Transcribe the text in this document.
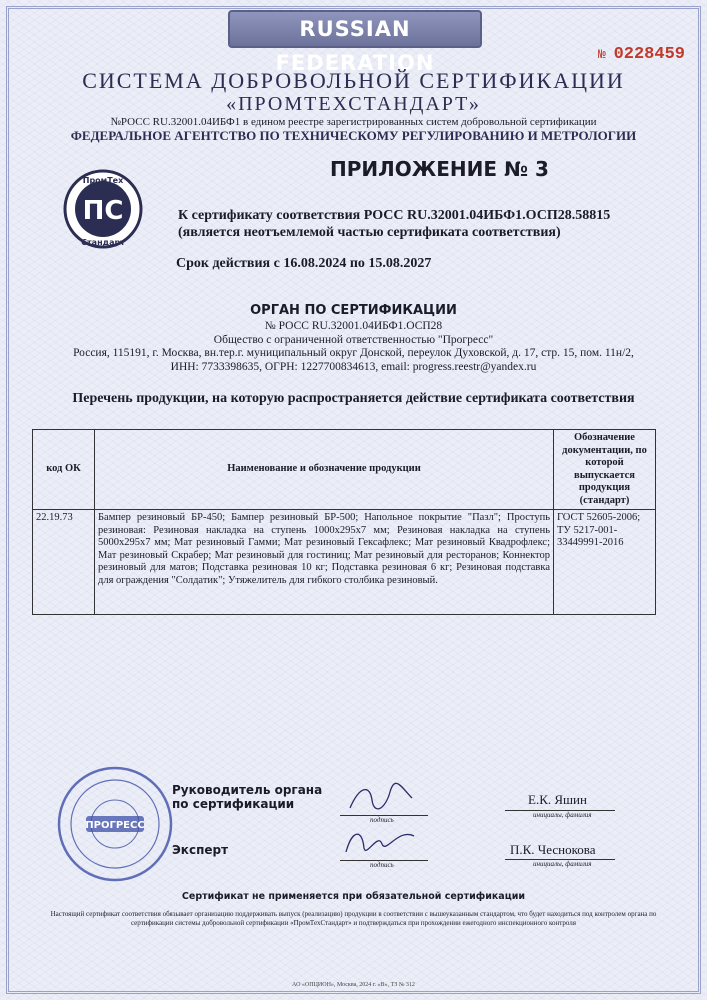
RUSSIAN FEDERATION	№ 0228459
СИСТЕМА ДОБРОВОЛЬНОЙ СЕРТИФИКАЦИИ
«ПРОМТЕХСТАНДАРТ»
№РОСС RU.32001.04ИБФ1 в едином реестре зарегистрированных систем добровольной сертификации
ФЕДЕРАЛЬНОЕ АГЕНТСТВО ПО ТЕХНИЧЕСКОМУ РЕГУЛИРОВАНИЮ И МЕТРОЛОГИИ
ПромТех
ПС
Стандарт
ПРИЛОЖЕНИЕ № 3
К сертификату соответствия РОСС RU.32001.04ИБФ1.ОСП28.58815
(является неотъемлемой частью сертификата соответствия)
Срок действия с 16.08.2024 по 15.08.2027
ОРГАН ПО СЕРТИФИКАЦИИ
№ РОСС RU.32001.04ИБФ1.ОСП28
Общество с ограниченной ответственностью "Прогресс"
Россия, 115191, г. Москва, вн.тер.г. муниципальный округ Донской, переулок Духовской, д. 17, стр. 15, пом. 11н/2,
ИНН: 7733398635, ОГРН: 1227700834613, email: progress.reestr@yandex.ru
Перечень продукции, на которую распространяется действие сертификата соответствия
код ОК	Наименование и обозначение продукции	Обозначение документации, по которой выпускается продукция (стандарт)
22.19.73	Бампер резиновый БР-450; Бампер резиновый БР-500; Напольное покрытие "Пазл"; Проступь резиновая: Резиновая накладка на ступень 1000х295х7 мм; Резиновая накладка на ступень 5000х295х7 мм; Мат резиновый Гамми; Мат резиновый Гексафлекс; Мат резиновый Квадрофлекс; Мат резиновый Скрабер; Мат резиновый для гостиниц; Мат резиновый для ресторанов; Коннектор резиновый для матов; Подставка резиновая 10 кг; Подставка резиновая 6 кг; Резиновая подставка для ограждения "Солдатик"; Утяжелитель для гибкого столбика резиновый.	ГОСТ 52605-2006; ТУ 5217-001-33449991-2016
ПРОГРЕСС
Руководитель органа
по сертификации
подпись
Е.К. Яшин
инициалы, фамилия
Эксперт
подпись
П.К. Чеснокова
инициалы, фамилия
Сертификат не применяется при обязательной сертификации
Настоящий сертификат соответствия обязывает организацию поддерживать выпуск (реализацию) продукции в соответствии с вышеуказанным стандартом, что будет находиться под контролем органа по сертификации системы добровольной сертификации «ПромТехСтандарт» и подтверждаться при прохождении ежегодного инспекционного контроля
АО «ОПЦИОН», Москва, 2024 г. «B», ТЗ № 312
